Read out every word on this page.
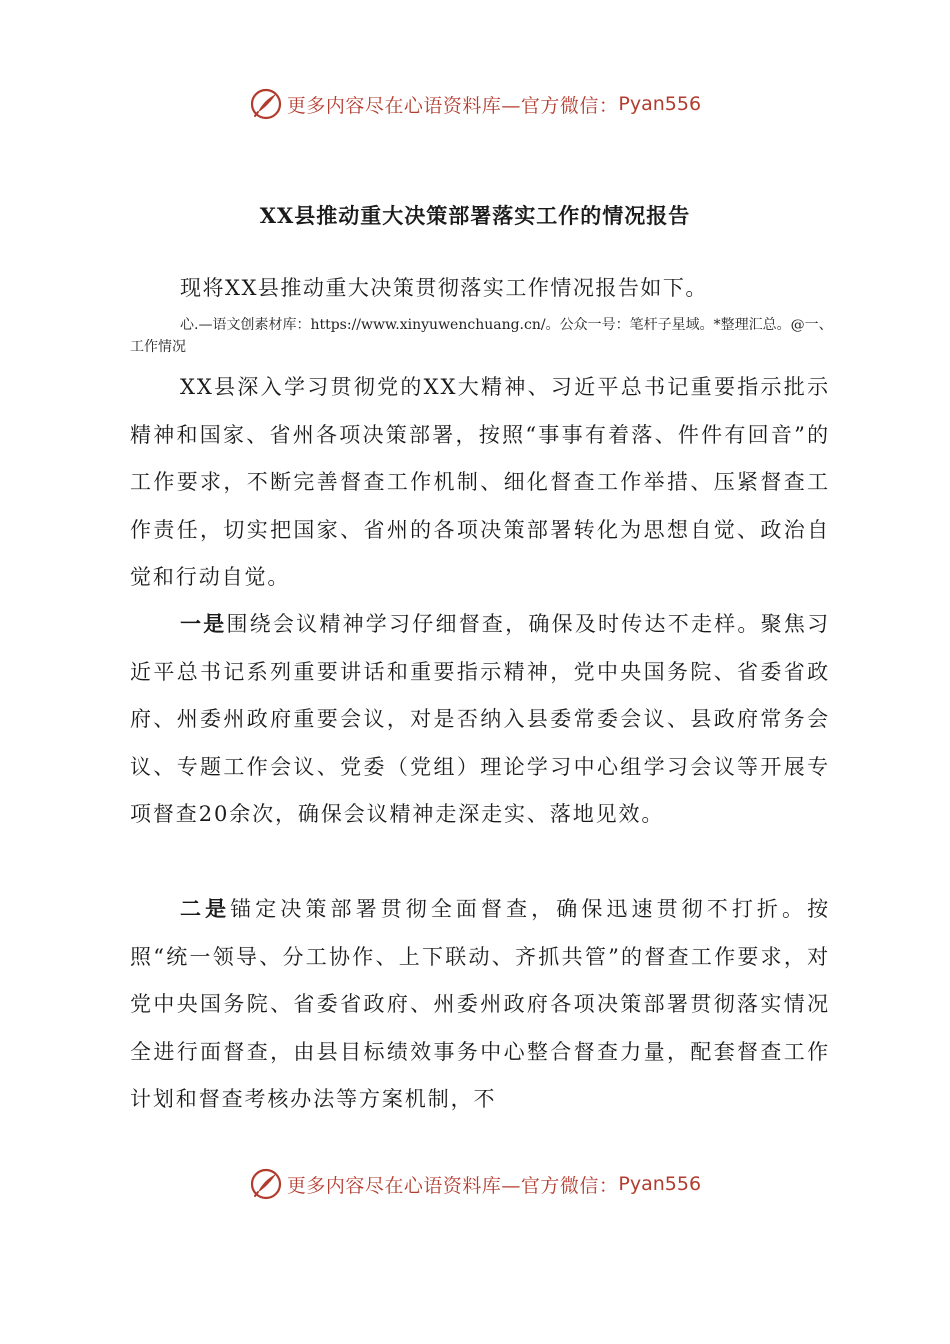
更多内容尽在心语资料库—官方微信： Pyan556
XX县推动重大决策部署落实工作的情况报告

现将XX县推动重大决策贯彻落实工作情况报告如下。

心.—语文创素材库：https://www.xinyuwenchuang.cn/。公众一号：笔杆子星域。*整理汇总。@一、工作情况

XX县深入学习贯彻党的XX大精神、习近平总书记重要指示批示精神和国家、省州各项决策部署，按照“事事有着落、件件有回音”的工作要求，不断完善督查工作机制、细化督查工作举措、压紧督查工作责任，切实把国家、省州的各项决策部署转化为思想自觉、政治自觉和行动自觉。

一是围绕会议精神学习仔细督查，确保及时传达不走样。聚焦习近平总书记系列重要讲话和重要指示精神，党中央国务院、省委省政府、州委州政府重要会议，对是否纳入县委常委会议、县政府常务会议、专题工作会议、党委（党组）理论学习中心组学习会议等开展专项督查20余次，确保会议精神走深走实、落地见效。

二是锚定决策部署贯彻全面督查，确保迅速贯彻不打折。按照“统一领导、分工协作、上下联动、齐抓共管”的督查工作要求，对党中央国务院、省委省政府、州委州政府各项决策部署贯彻落实情况全进行面督查，由县目标绩效事务中心整合督查力量，配套督查工作计划和督查考核办法等方案机制，不

更多内容尽在心语资料库—官方微信： Pyan556
